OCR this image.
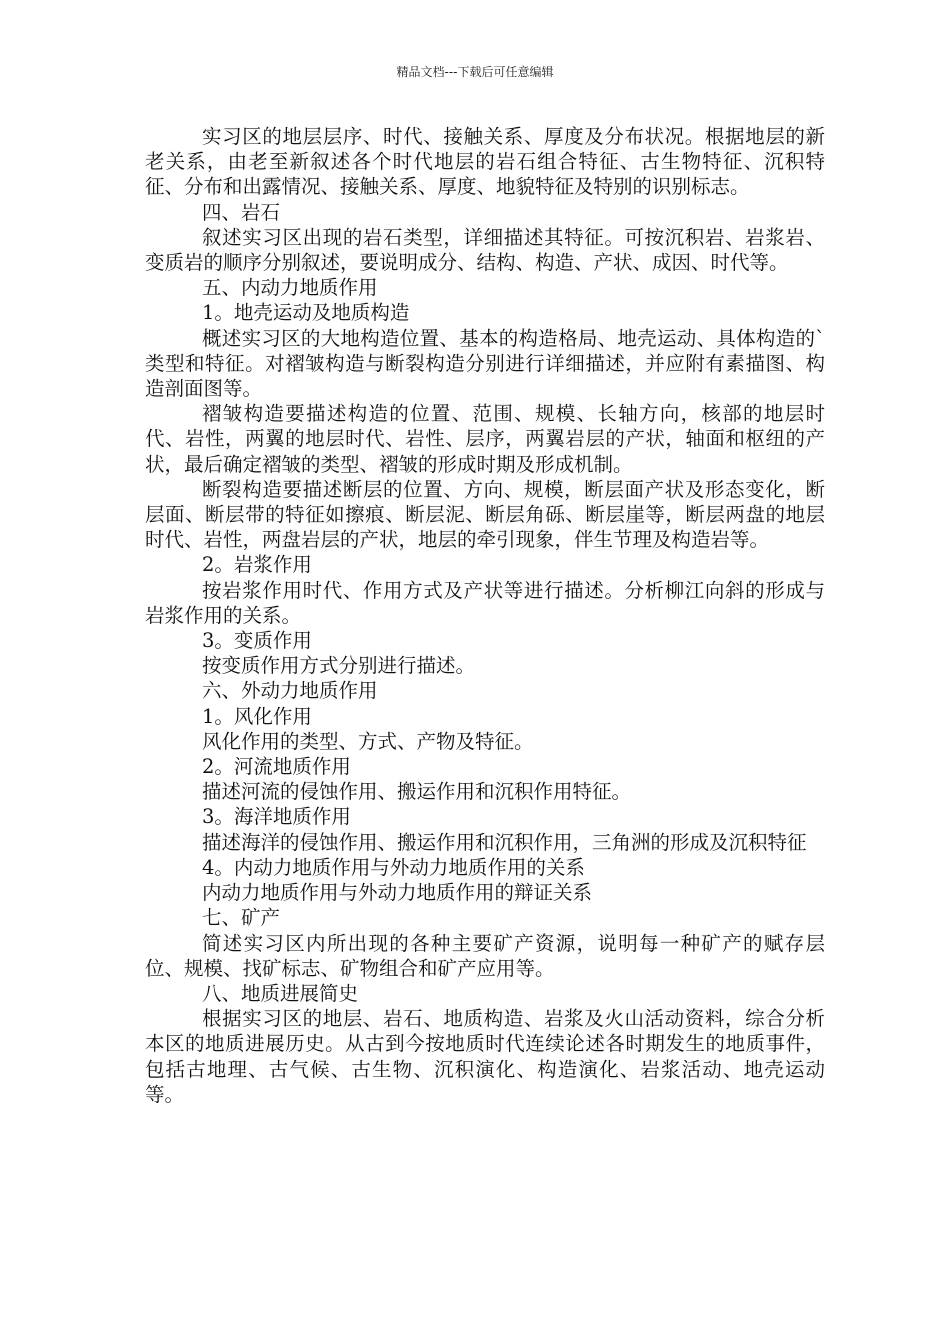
精品文档---下载后可任意编辑

实习区的地层层序、时代、接触关系、厚度及分布状况。根据地层的新老关系，由老至新叙述各个时代地层的岩石组合特征、古生物特征、沉积特征、分布和出露情况、接触关系、厚度、地貌特征及特别的识别标志。

四、岩石

叙述实习区出现的岩石类型，详细描述其特征。可按沉积岩、岩浆岩、变质岩的顺序分别叙述，要说明成分、结构、构造、产状、成因、时代等。

五、内动力地质作用

1。地壳运动及地质构造

概述实习区的大地构造位置、基本的构造格局、地壳运动、具体构造的`类型和特征。对褶皱构造与断裂构造分别进行详细描述，并应附有素描图、构造剖面图等。

褶皱构造要描述构造的位置、范围、规模、长轴方向，核部的地层时代、岩性，两翼的地层时代、岩性、层序，两翼岩层的产状，轴面和枢纽的产状，最后确定褶皱的类型、褶皱的形成时期及形成机制。

断裂构造要描述断层的位置、方向、规模，断层面产状及形态变化，断层面、断层带的特征如擦痕、断层泥、断层角砾、断层崖等，断层两盘的地层时代、岩性，两盘岩层的产状，地层的牵引现象，伴生节理及构造岩等。

2。岩浆作用

按岩浆作用时代、作用方式及产状等进行描述。分析柳江向斜的形成与岩浆作用的关系。

3。变质作用

按变质作用方式分别进行描述。

六、外动力地质作用

1。风化作用

风化作用的类型、方式、产物及特征。

2。河流地质作用

描述河流的侵蚀作用、搬运作用和沉积作用特征。

3。海洋地质作用

描述海洋的侵蚀作用、搬运作用和沉积作用，三角洲的形成及沉积特征

4。内动力地质作用与外动力地质作用的关系

内动力地质作用与外动力地质作用的辩证关系

七、矿产

简述实习区内所出现的各种主要矿产资源，说明每一种矿产的赋存层位、规模、找矿标志、矿物组合和矿产应用等。

八、地质进展简史

根据实习区的地层、岩石、地质构造、岩浆及火山活动资料，综合分析本区的地质进展历史。从古到今按地质时代连续论述各时期发生的地质事件，包括古地理、古气候、古生物、沉积演化、构造演化、岩浆活动、地壳运动等。
